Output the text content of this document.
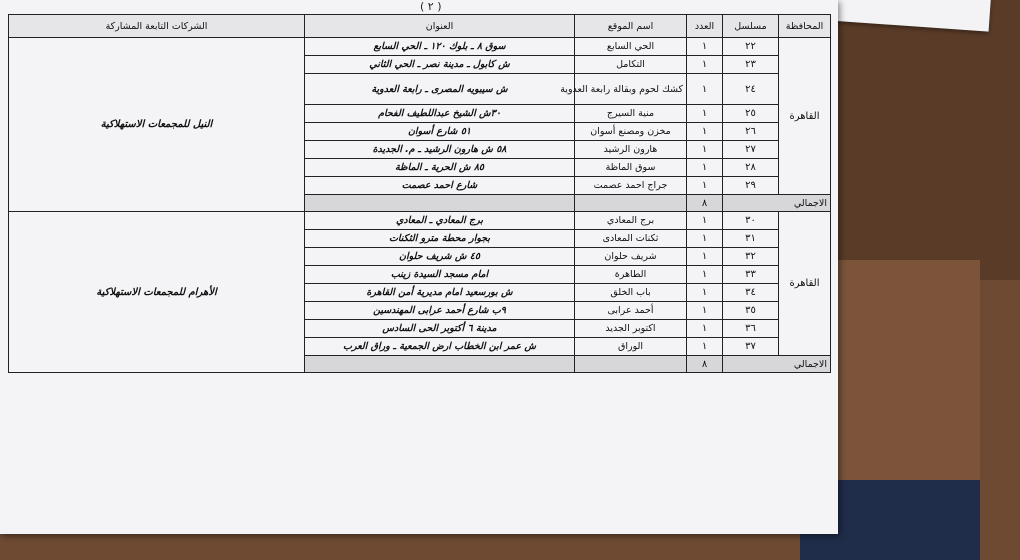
( ٢ )
المحافظة	مسلسل	العدد	اسم الموقع	العنوان	الشركات التابعة المشاركة
القاهرة	٢٢	١	الحي السابع	سوق ٨ ـ بلوك ١٢٠ ـ الحي السابع	النيل للمجمعات الاستهلاكية
	٢٣	١	التكامل	ش كابول ـ مدينة نصر ـ الحي الثاني	
	٢٤	١	كشك لحوم وبقالة رابعة العدوية	ش سيبويه المصرى ـ رابعة العدوية	
	٢٥	١	منية السيرج	٣٠ش الشيخ عبداللطيف الفحام	
	٢٦	١	مخزن ومصنع أسوان	٥١ شارع أسوان	
	٢٧	١	هارون الرشيد	٥٨ ش هارون الرشيد ـ م. الجديدة	
	٢٨	١	سوق الماظة	٨٥ ش الحرية ـ الماظة	
	٢٩	١	جراج احمد عصمت	شارع احمد عصمت	
الاجمالي		٨			
القاهرة	٣٠	١	برج المعادي	برج المعادي ـ المعادي	الأهرام للمجمعات الاستهلاكية
	٣١	١	ثكنات المعادى	بجوار محطة مترو الثكنات	
	٣٢	١	شريف حلوان	٤٥ ش شريف حلوان	
	٣٣	١	الطاهرة	امام مسجد السيدة زينب	
	٣٤	١	باب الخلق	ش بورسعيد امام مديرية أمن القاهرة	
	٣٥	١	أحمد عرابى	٩ب شارع أحمد عرابى المهندسين	
	٣٦	١	اكتوبر الجديد	مدينة ٦ أكتوبر الحى السادس	
	٣٧	١	الوراق	ش عمر ابن الخطاب ارض الجمعية ـ وراق العرب	
الاجمالي		٨			
